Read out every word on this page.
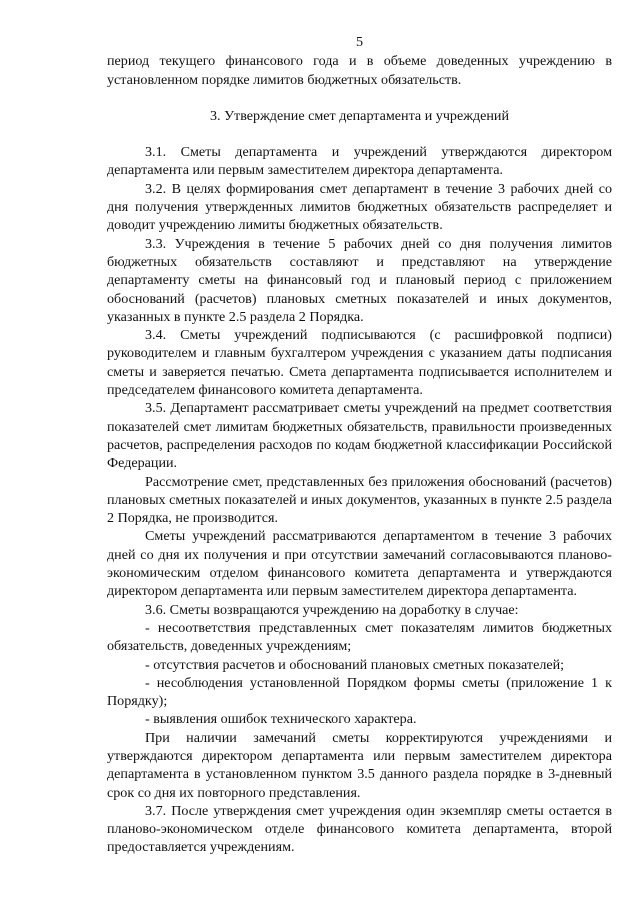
5

период текущего финансового года и в объеме доведенных учреждению в установленном порядке лимитов бюджетных обязательств.

3. Утверждение смет департамента и учреждений

3.1. Сметы департамента и учреждений утверждаются директором департамента или первым заместителем директора департамента.

3.2. В целях формирования смет департамент в течение 3 рабочих дней со дня получения утвержденных лимитов бюджетных обязательств распределяет и доводит учреждению лимиты бюджетных обязательств.

3.3. Учреждения в течение 5 рабочих дней со дня получения лимитов бюджетных обязательств составляют и представляют на утверждение департаменту сметы на финансовый год и плановый период с приложением обоснований (расчетов) плановых сметных показателей и иных документов, указанных в пункте 2.5 раздела 2 Порядка.

3.4. Сметы учреждений подписываются (с расшифровкой подписи) руководителем и главным бухгалтером учреждения с указанием даты подписания сметы и заверяется печатью. Смета департамента подписывается исполнителем и председателем финансового комитета департамента.

3.5. Департамент рассматривает сметы учреждений на предмет соответствия показателей смет лимитам бюджетных обязательств, правильности произведенных расчетов, распределения расходов по кодам бюджетной классификации Российской Федерации.

Рассмотрение смет, представленных без приложения обоснований (расчетов) плановых сметных показателей и иных документов, указанных в пункте 2.5 раздела 2 Порядка, не производится.

Сметы учреждений рассматриваются департаментом в течение 3 рабочих дней со дня их получения и при отсутствии замечаний согласовываются планово-экономическим отделом финансового комитета департамента и утверждаются директором департамента или первым заместителем директора департамента.

3.6. Сметы возвращаются учреждению на доработку в случае:

- несоответствия представленных смет показателям лимитов бюджетных обязательств, доведенных учреждениям;

- отсутствия расчетов и обоснований плановых сметных показателей;

- несоблюдения установленной Порядком формы сметы (приложение 1 к Порядку);

- выявления ошибок технического характера.

При наличии замечаний сметы корректируются учреждениями и утверждаются директором департамента или первым заместителем директора департамента в установленном пунктом 3.5 данного раздела порядке в 3-дневный срок со дня их повторного представления.

3.7. После утверждения смет учреждения один экземпляр сметы остается в планово-экономическом отделе финансового комитета департамента, второй предоставляется учреждениям.
